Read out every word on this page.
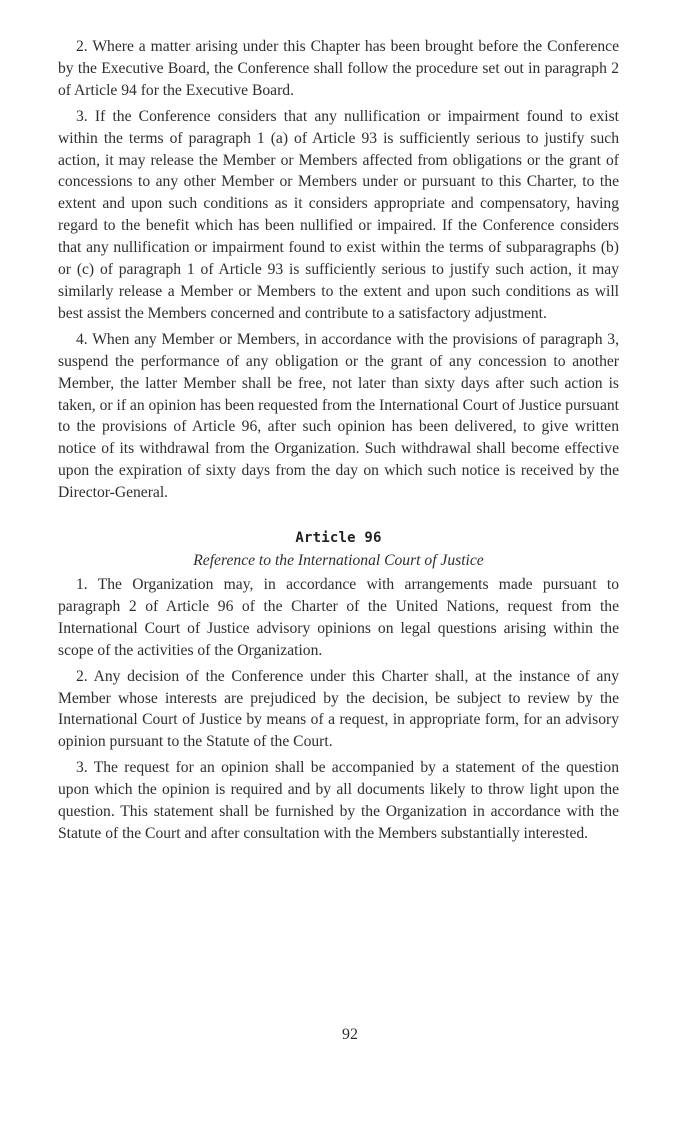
2. Where a matter arising under this Chapter has been brought before the Conference by the Executive Board, the Conference shall follow the procedure set out in paragraph 2 of Article 94 for the Executive Board.

3. If the Conference considers that any nullification or impairment found to exist within the terms of paragraph 1 (a) of Article 93 is sufficiently serious to justify such action, it may release the Member or Members affected from obligations or the grant of concessions to any other Member or Members under or pursuant to this Charter, to the extent and upon such conditions as it considers appropriate and compensatory, having regard to the benefit which has been nullified or impaired. If the Conference considers that any nullification or impairment found to exist within the terms of subparagraphs (b) or (c) of paragraph 1 of Article 93 is sufficiently serious to justify such action, it may similarly release a Member or Members to the extent and upon such conditions as will best assist the Members concerned and contribute to a satisfactory adjustment.

4. When any Member or Members, in accordance with the provisions of paragraph 3, suspend the performance of any obligation or the grant of any concession to another Member, the latter Member shall be free, not later than sixty days after such action is taken, or if an opinion has been requested from the International Court of Justice pursuant to the provisions of Article 96, after such opinion has been delivered, to give written notice of its withdrawal from the Organization. Such withdrawal shall become effective upon the expiration of sixty days from the day on which such notice is received by the Director-General.

Article 96
Reference to the International Court of Justice

1. The Organization may, in accordance with arrangements made pursuant to paragraph 2 of Article 96 of the Charter of the United Nations, request from the International Court of Justice advisory opinions on legal questions arising within the scope of the activities of the Organization.

2. Any decision of the Conference under this Charter shall, at the instance of any Member whose interests are prejudiced by the decision, be subject to review by the International Court of Justice by means of a request, in appropriate form, for an advisory opinion pursuant to the Statute of the Court.

3. The request for an opinion shall be accompanied by a statement of the question upon which the opinion is required and by all documents likely to throw light upon the question. This statement shall be furnished by the Organization in accordance with the Statute of the Court and after consultation with the Members substantially interested.

92
